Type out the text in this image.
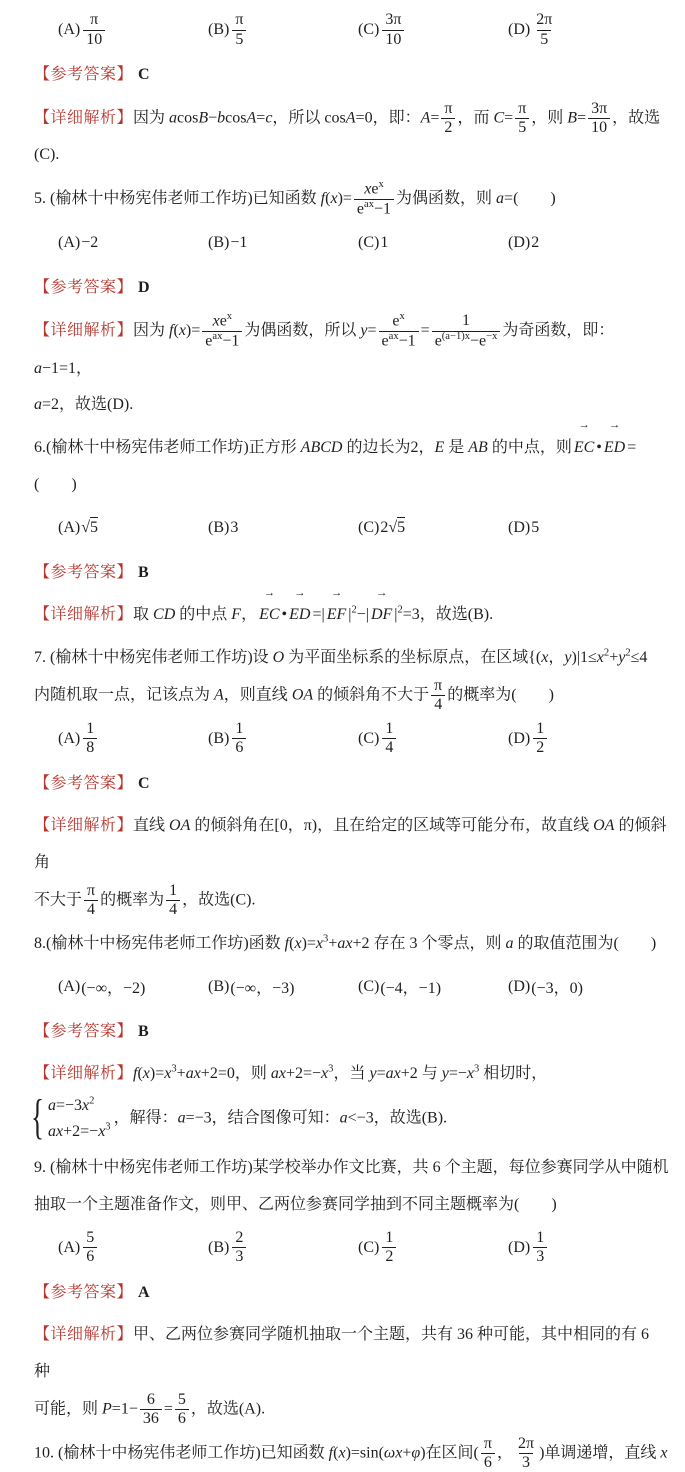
$(A) \frac{\pi}{10}$	$(B) \frac{\pi}{5}$	$(C) \frac{3\pi}{10}$	$(D) \frac{2\pi}{5}$
【参考答案】 C
【详细解析】因为 acosB−bcosA=c，所以 cosA=0，即：$A= \frac{\pi}{2}$ ，而 $C= \frac{\pi}{5}$ ，则 $B= \frac{3\pi}{10}$ ，故选(C).
5. (榆林十中杨宪伟老师工作坊)已知函数 $f(x)= \frac{xe^x}{e^{ax}-1}$ 为偶函数，则 a=(　　)
(A) −2	(B) −1	(C) 1	(D) 2
【参考答案】 D
【详细解析】因为 $f(x)= \frac{xe^x}{e^{ax}-1}$ 为偶函数，所以 $y= \frac{e^x}{e^{ax}-1} = \frac{1}{e^{(a-1)x}-e^{-x}}$ 为奇函数，即：a−1=1，
a=2，故选(D).
6.(榆林十中杨宪伟老师工作坊)正方形 ABCD 的边长为2，E 是 AB 的中点，则 → EC • → ED =(　　)
(A) √ 5	(B) 3	(C) 2 √ 5	(D) 5
【参考答案】 B
【详细解析】取 CD 的中点 F， → EC • → ED =| → EF $|^2-|$ → DF $|^2=3$，故选(B).
7. (榆林十中杨宪伟老师工作坊)设 O 为平面坐标系的坐标原点，在区域{(x，$y)|1\le x^2+y^2\le 4$
内随机取一点，记该点为 A，则直线 OA 的倾斜角不大于 $\frac{\pi}{4}$ 的概率为(　　)
$(A) \frac{1}{8}$	$(B) \frac{1}{6}$	$(C) \frac{1}{4}$	$(D) \frac{1}{2}$
【参考答案】 C
【详细解析】直线 OA 的倾斜角在[0，π)，且在给定的区域等可能分布，故直线 OA 的倾斜角
不大于 $\frac{\pi}{4}$ 的概率为 $\frac{1}{4}$ ，故选(C).
8.(榆林十中杨宪伟老师工作坊)函数 $f(x)=x^3+ax+2$ 存在 3 个零点，则 a 的取值范围为(　　)
(A) (−∞，−2)	(B) (−∞，−3)	(C) (−4，−1)	(D) (−3，0)
【参考答案】 B
【详细解析】$f(x)=x^3+ax+2=0$，则 $ax+2=-x^3$，当 y=ax+2 与 $y=-x^3$ 相切时，
{ $a=-3x^2$
$ax+2=-x^3$
，解得：a=−3，结合图像可知：a<−3，故选(B).
9. (榆林十中杨宪伟老师工作坊)某学校举办作文比赛，共 6 个主题，每位参赛同学从中随机
抽取一个主题准备作文，则甲、乙两位参赛同学抽到不同主题概率为(　　)
$(A) \frac{5}{6}$	$(B) \frac{2}{3}$	$(C) \frac{1}{2}$	$(D) \frac{1}{3}$
【参考答案】 A
【详细解析】甲、乙两位参赛同学随机抽取一个主题，共有 36 种可能，其中相同的有 6 种
可能，则 $P=1- \frac{6}{36} = \frac{5}{6}$ ，故选(A).
10. (榆林十中杨宪伟老师工作坊)已知函数 f(x)=sin(ωx+φ)在区间( $\frac{\pi}{6}$ ， $\frac{2\pi}{3}$ )单调递增，直线 x
